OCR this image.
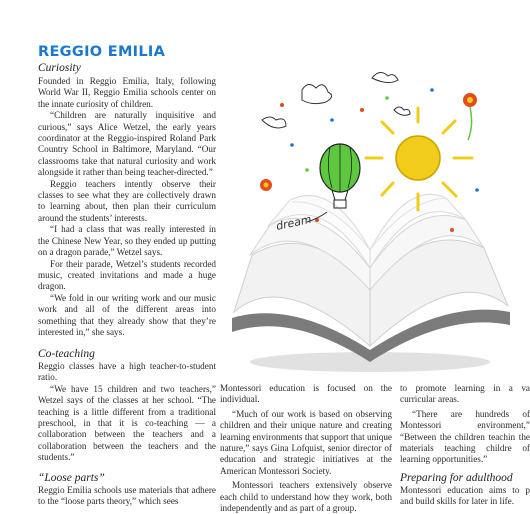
REGGIO EMILIA
Curiosity

Founded in Reggio Emilia, Italy, following World War II, Reggio Emilia schools center on the innate curiosity of children.

“Children are naturally inquisitive and curious,” says Alice Wetzel, the early years coordinator at the Reggio-inspired Roland Park Country School in Baltimore, Maryland. “Our classrooms take that natural curiosity and work alongside it rather than being teacher-directed.”

Reggio teachers intently observe their classes to see what they are collectively drawn to learning about, then plan their curriculum around the students’ interests.

“I had a class that was really interested in the Chinese New Year, so they ended up putting on a dragon parade,” Wetzel says.

For their parade, Wetzel’s students recorded music, created invitations and made a huge dragon.

“We fold in our writing work and our music work and all of the different areas into something that they already show that they’re interested in,” she says.

Co-teaching

Reggio classes have a high teacher-to-student ratio.

“We have 15 children and two teachers,” Wetzel says of the classes at her school. “The teaching is a little different from a traditional preschool, in that it is co-teaching — a collaboration between the teachers and a collaboration between the teachers and the students.”

“Loose parts”

Reggio Emilia schools use materials that adhere to the “loose parts theory,” which sees

Montessori education is focused on the individual.

“Much of our work is based on observing children and their unique nature and creating learning environments that support that unique nature,” says Gina Lofquist, senior director of education and strategic initiatives at the American Montessori Society.

Montessori teachers extensively observe each child to understand how they work, both independently and as part of a group.

to promote learning in a va curricular areas.

“There are hundreds of Montessori environment,” “Between the children teachin the materials teaching childre of learning opportunities.”

Preparing for adulthood

Montessori education aims to p and build skills for later in life.

dream
